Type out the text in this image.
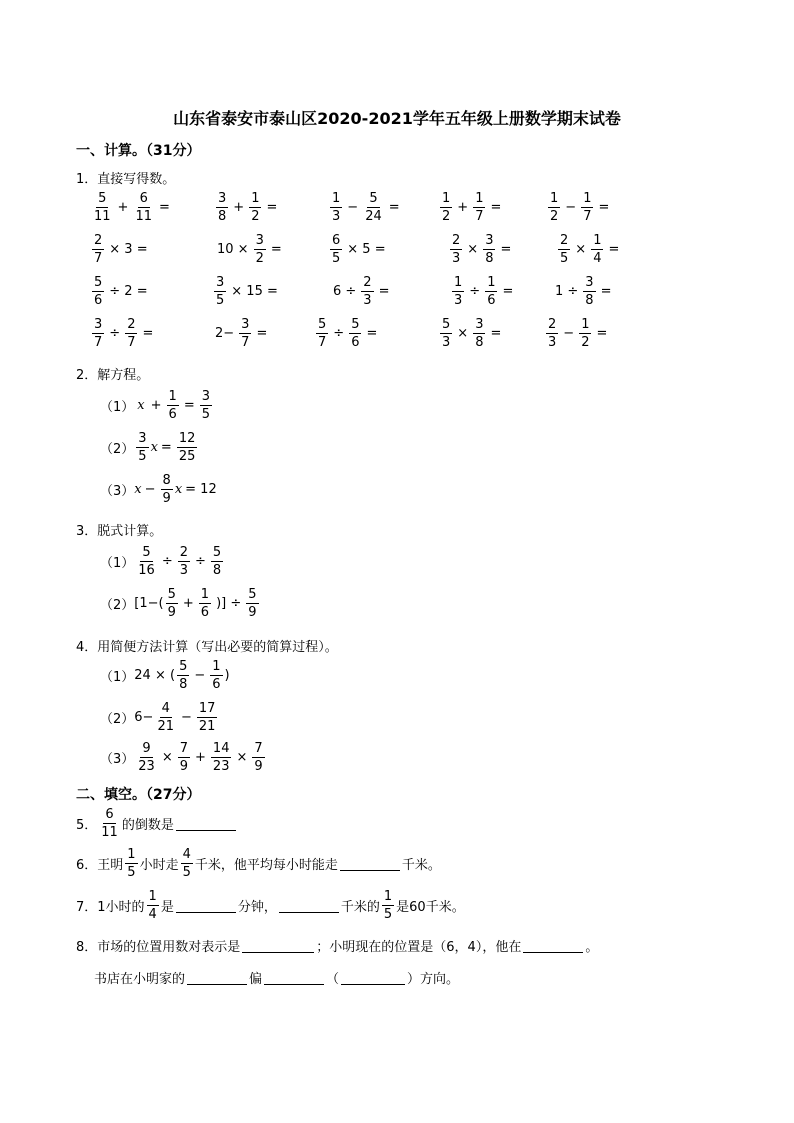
山东省泰安市泰山区2020-2021学年五年级上册数学期末试卷
一、计算。（31分）
1．直接写得数。
$\frac{5}{11} + \frac{6}{11}$ =	$\frac{3}{8} + \frac{1}{2}$ =	$\frac{1}{3} - \frac{5}{24}$ =	$\frac{1}{2} + \frac{1}{7}$ =	$\frac{1}{2} - \frac{1}{7}$ =
$\frac{2}{7} \times 3$ =	$10 \times \frac{3}{2}$ =	$\frac{6}{5} \times 5$ =	$\frac{2}{3} \times \frac{3}{8}$ =	$\frac{2}{5} \times \frac{1}{4}$ =
$\frac{5}{6} \div 2$ =	$\frac{3}{5} \times 15$ =	$6 \div \frac{2}{3}$ =	$\frac{1}{3} \div \frac{1}{6}$ =	$1 \div \frac{3}{8}$ =
$\frac{3}{7} \div \frac{2}{7}$ =	$2- \frac{3}{7}$ =	$\frac{5}{7} \div \frac{5}{6}$ =	$\frac{5}{3} \times \frac{3}{8}$ =	$\frac{2}{3} - \frac{1}{2}$ =
2．解方程。
（1） $x + \frac{1}{6} = \frac{3}{5}$
$(2) \frac{3}{5}$ $x = \frac{12}{25}$
（3） $x - \frac{8}{9}$ x = 12
3．脱式计算。
$(1) \frac{5}{16} \div \frac{2}{3} \div \frac{5}{8}$
（2） [$1-( \frac{5}{9} + \frac{1}{6}$ )] ÷ $\frac{5}{9}$
4．用简便方法计算（写出必要的简算过程）。
（1） 24 × ( $\frac{5}{8} - \frac{1}{6}$ )
（2） $6- \frac{4}{21} - \frac{17}{21}$
$(3) \frac{9}{23} \times \frac{7}{9} + \frac{14}{23} \times \frac{7}{9}$
二、填空。（27分）
5． $\frac{6}{11}$ 的倒数是
6．王明 $\frac{1}{5}$ 小时走 $\frac{4}{5}$ 千米，他平均每小时能走	千米。
7．1小时的 $\frac{1}{4}$ 是	分钟，	千米的 $\frac{1}{5}$ 是60千米。
8．市场的位置用数对表示是	；小明现在的位置是（6，4），他在	。
书店在小明家的	偏	（	）方向。
